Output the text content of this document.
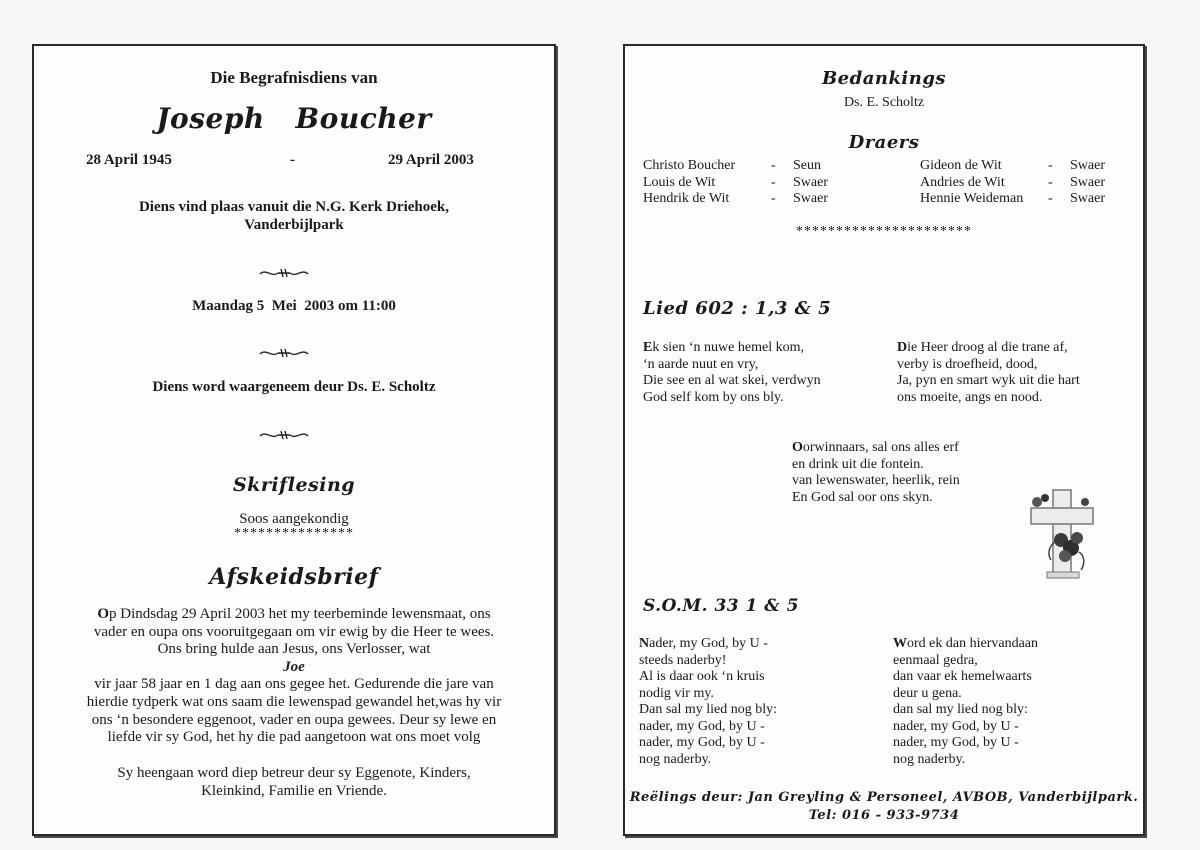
Die Begrafnisdiens van
Joseph   Boucher
28 April 1945	-	29 April 2003
Diens vind plaas vanuit die N.G. Kerk Driehoek,
Vanderbijlpark
Maandag 5  Mei  2003 om 11:00
Diens word waargeneem deur Ds. E. Scholtz
Skriflesing
Soos aangekondig
***************
Afskeidsbrief
Op Dindsdag 29 April 2003 het my teerbeminde lewensmaat, ons
vader en oupa ons vooruitgegaan om vir ewig by die Heer te wees.
Ons bring hulde aan Jesus, ons Verlosser, wat
Joe
vir jaar 58 jaar en 1 dag aan ons gegee het. Gedurende die jare van
hierdie tydperk wat ons saam die lewenspad gewandel het,was hy vir
ons ‘n besondere eggenoot, vader en oupa gewees. Deur sy lewe en
liefde vir sy God, het hy die pad aangetoon wat ons moet volg
Sy heengaan word diep betreur deur sy Eggenote, Kinders,
Kleinkind, Familie en Vriende.
Bedankings
Ds. E. Scholtz
Draers
Christo Boucher	-	Seun
Louis de Wit	-	Swaer
Hendrik de Wit	-	Swaer
Gideon de Wit	-	Swaer
Andries de Wit	-	Swaer
Hennie Weideman	-	Swaer
**********************
Lied 602 : 1,3 & 5
Ek sien ‘n nuwe hemel kom,
‘n aarde nuut en vry,
Die see en al wat skei, verdwyn
God self kom by ons bly.
Die Heer droog al die trane af,
verby is droefheid, dood,
Ja, pyn en smart wyk uit die hart
ons moeite, angs en nood.
Oorwinnaars, sal ons alles erf
en drink uit die fontein.
van lewenswater, heerlik, rein
En God sal oor ons skyn.
S.O.M. 33 1 & 5
Nader, my God, by U -
steeds naderby!
Al is daar ook ‘n kruis
nodig vir my.
Dan sal my lied nog bly:
nader, my God, by U -
nader, my God, by U -
nog naderby.
Word ek dan hiervandaan
eenmaal gedra,
dan vaar ek hemelwaarts
deur u gena.
dan sal my lied nog bly:
nader, my God, by U -
nader, my God, by U -
nog naderby.
Reëlings deur: Jan Greyling & Personeel, AVBOB, Vanderbijlpark.
Tel: 016 - 933-9734
